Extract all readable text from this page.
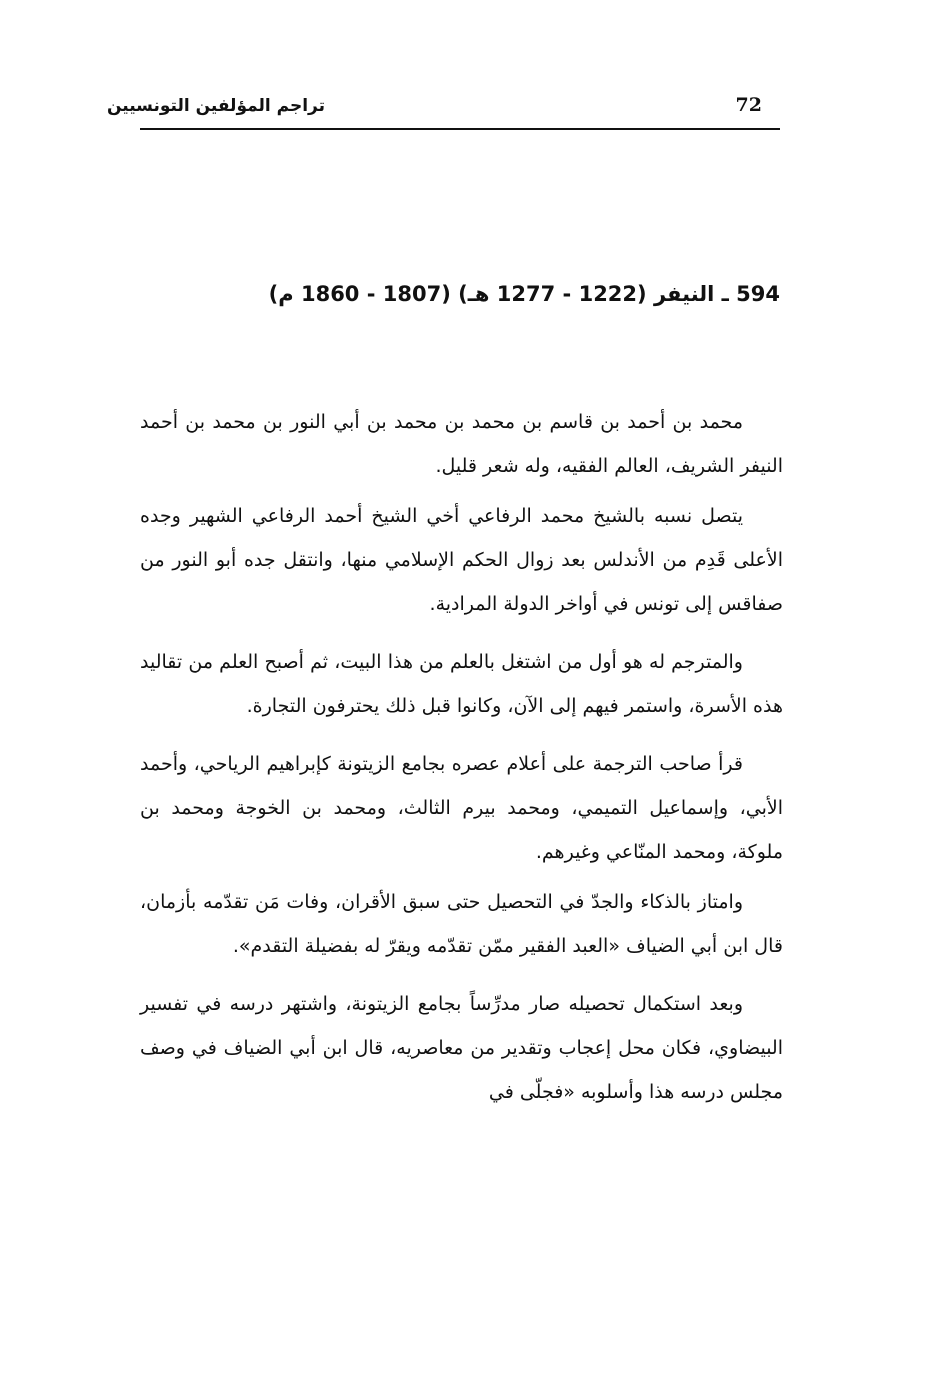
تراجم المؤلفين التونسيين	72
594 ـ النيفر (1222 - 1277 هـ) (1807 - 1860 م)

محمد بن أحمد بن قاسم بن محمد بن محمد بن أبي النور بن محمد بن أحمد النيفر الشريف، العالم الفقيه، وله شعر قليل.

يتصل نسبه بالشيخ محمد الرفاعي أخي الشيخ أحمد الرفاعي الشهير وجده الأعلى قَدِم من الأندلس بعد زوال الحكم الإسلامي منها، وانتقل جده أبو النور من صفاقس إلى تونس في أواخر الدولة المرادية.

والمترجم له هو أول من اشتغل بالعلم من هذا البيت، ثم أصبح العلم من تقاليد هذه الأسرة، واستمر فيهم إلى الآن، وكانوا قبل ذلك يحترفون التجارة.

قرأ صاحب الترجمة على أعلام عصره بجامع الزيتونة كإبراهيم الرياحي، وأحمد الأبي، وإسماعيل التميمي، ومحمد بيرم الثالث، ومحمد بن الخوجة ومحمد بن ملوكة، ومحمد المنّاعي وغيرهم.

وامتاز بالذكاء والجدّ في التحصيل حتى سبق الأقران، وفات مَن تقدّمه بأزمان، قال ابن أبي الضياف «العبد الفقير ممّن تقدّمه ويقرّ له بفضيلة التقدم».

وبعد استكمال تحصيله صار مدرِّساً بجامع الزيتونة، واشتهر درسه في تفسير البيضاوي، فكان محل إعجاب وتقدير من معاصريه، قال ابن أبي الضياف في وصف مجلس درسه هذا وأسلوبه «فجلّى في
